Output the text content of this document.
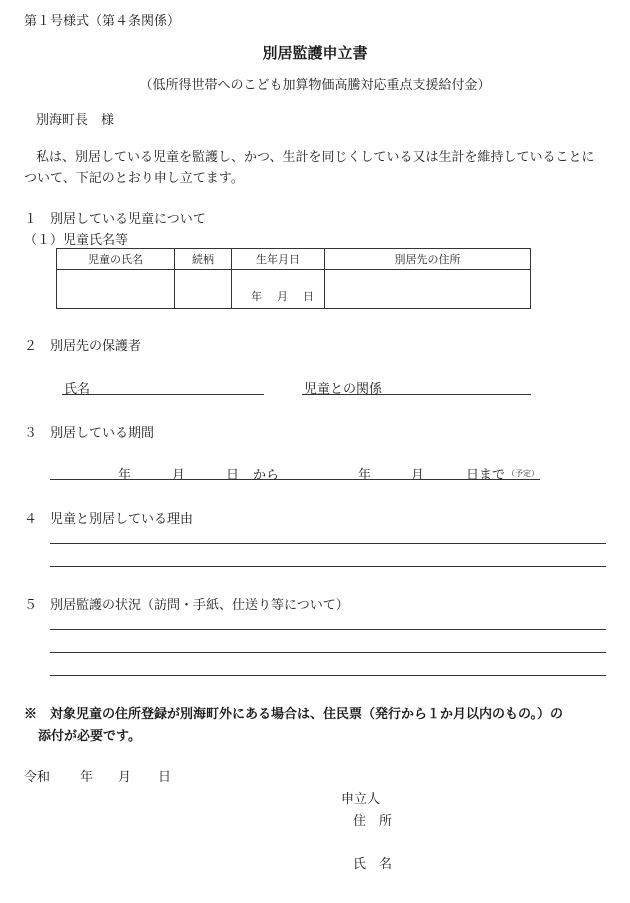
第１号様式（第４条関係）
別居監護申立書
（低所得世帯へのこども加算物価高騰対応重点支援給付金）
別海町長　様
私は、別居している児童を監護し、かつ、生計を同じくしている又は生計を維持していることに
ついて、下記のとおり申し立てます。
１　別居している児童について
（１）児童氏名等
児童の氏名	続柄	生年月日	別居先の住所

		年　月　日	

２　別居先の保護者
氏名	児童との関係
３　別居している期間
年	月	日 から	年	月	日まで （予定）
４　児童と別居している理由
５　別居監護の状況（訪問・手紙、仕送り等について）
※　対象児童の住所登録が別海町外にある場合は、住民票（発行から１か月以内のもの。）の
添付が必要です。
令和 年 月 日
申立人
住　所
氏　名
